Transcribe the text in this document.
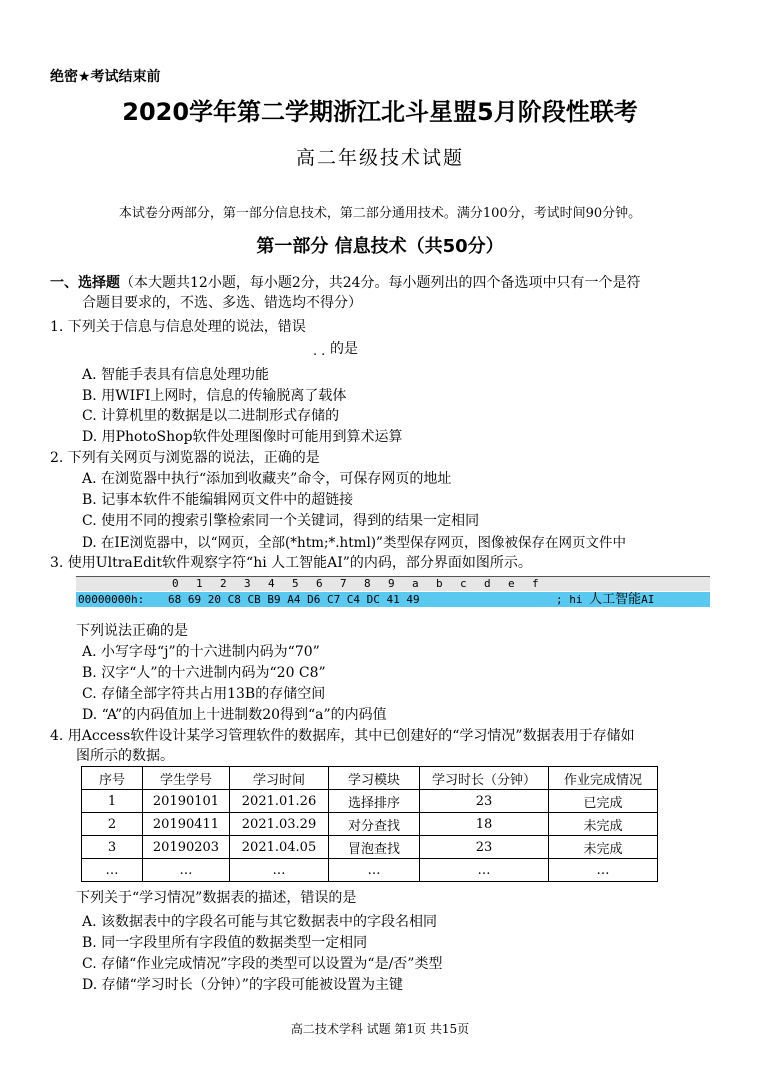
绝密★考试结束前
2020学年第二学期浙江北斗星盟5月阶段性联考
高二年级技术试题
本试卷分两部分，第一部分信息技术，第二部分通用技术。满分100分，考试时间90分钟。
第一部分 信息技术（共50分）
一、选择题（本大题共12小题，每小题2分，共24分。每小题列出的四个备选项中只有一个是符
合题目要求的，不选、多选、错选均不得分）
1. 下列关于信息与信息处理的说法，错误
.. 的是
A. 智能手表具有信息处理功能
B. 用WIFI上网时，信息的传输脱离了载体
C. 计算机里的数据是以二进制形式存储的
D. 用PhotoShop软件处理图像时可能用到算术运算
2. 下列有关网页与浏览器的说法，正确的是
A. 在浏览器中执行“添加到收藏夹”命令，可保存网页的地址
B. 记事本软件不能编辑网页文件中的超链接
C. 使用不同的搜索引擎检索同一个关键词，得到的结果一定相同
D. 在IE浏览器中，以“网页，全部(*htm;*.html)”类型保存网页，图像被保存在网页文件中
3. 使用UltraEdit软件观察字符“hi 人工智能AI”的内码，部分界面如图所示。
0 1 2 3 4 5 6 7 8 9 a b c d e f
00000000h: 68 69 20 C8 CB B9 A4 D6 C7 C4 DC 41 49	; hi 人工智能AI
下列说法正确的是
A. 小写字母“j”的十六进制内码为“70”
B. 汉字“人”的十六进制内码为“20 C8”
C. 存储全部字符共占用13B的存储空间
D. “A”的内码值加上十进制数20得到“a”的内码值
4. 用Access软件设计某学习管理软件的数据库，其中已创建好的“学习情况”数据表用于存储如
图所示的数据。
序号	学生学号	学习时间	学习模块	学习时长（分钟）	作业完成情况
1	20190101	2021.01.26	选择排序	23	已完成
2	20190411	2021.03.29	对分查找	18	未完成
3	20190203	2021.04.05	冒泡查找	23	未完成
…	…	…	…	…	…
下列关于“学习情况”数据表的描述，错误的是
A. 该数据表中的字段名可能与其它数据表中的字段名相同
B. 同一字段里所有字段值的数据类型一定相同
C. 存储“作业完成情况”字段的类型可以设置为“是/否”类型
D. 存储“学习时长（分钟）”的字段可能被设置为主键
高二技术学科 试题 第1页 共15页
